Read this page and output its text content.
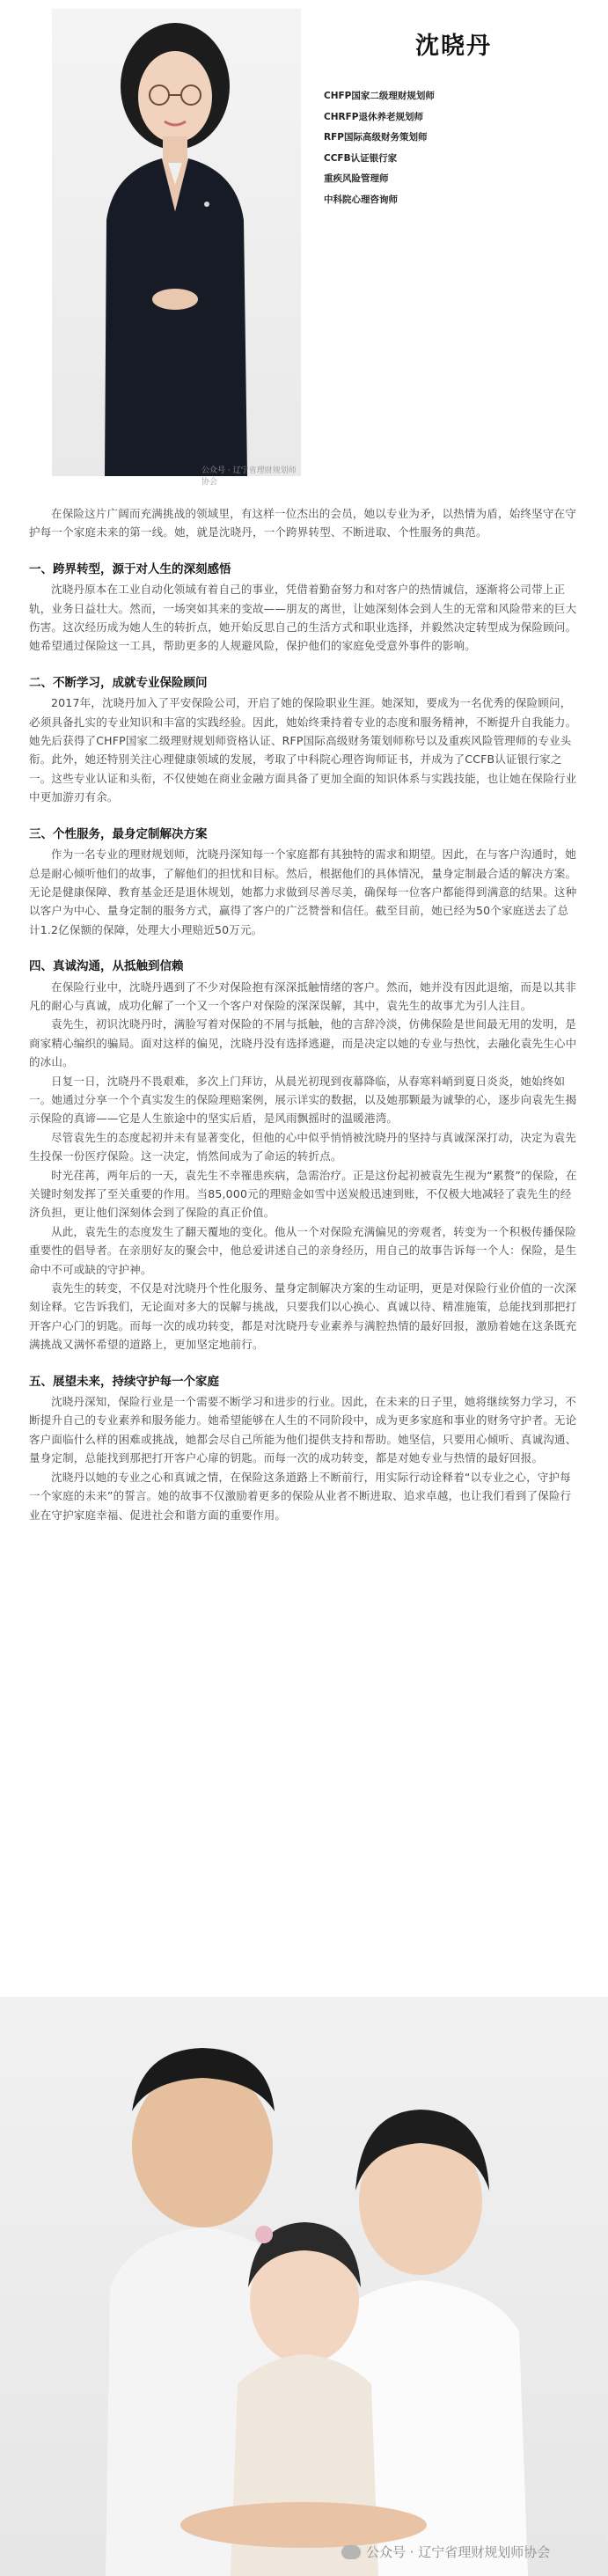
公众号 · 辽宁省理财规划师协会
沈晓丹
CHFP国家二级理财规划师
CHRFP退休养老规划师
RFP国际高级财务策划师
CCFB认证银行家
重疾风险管理师
中科院心理咨询师

在保险这片广阔而充满挑战的领域里，有这样一位杰出的会员，她以专业为矛，以热情为盾，始终坚守在守护每一个家庭未来的第一线。她，就是沈晓丹，一个跨界转型、不断进取、个性服务的典范。

一、跨界转型，源于对人生的深刻感悟

沈晓丹原本在工业自动化领域有着自己的事业，凭借着勤奋努力和对客户的热情诚信，逐渐将公司带上正轨，业务日益壮大。然而，一场突如其来的变故——朋友的离世，让她深刻体会到人生的无常和风险带来的巨大伤害。这次经历成为她人生的转折点，她开始反思自己的生活方式和职业选择，并毅然决定转型成为保险顾问。她希望通过保险这一工具，帮助更多的人规避风险，保护他们的家庭免受意外事件的影响。

二、不断学习，成就专业保险顾问

2017年，沈晓丹加入了平安保险公司，开启了她的保险职业生涯。她深知，要成为一名优秀的保险顾问，必须具备扎实的专业知识和丰富的实践经验。因此，她始终秉持着专业的态度和服务精神，不断提升自我能力。她先后获得了CHFP国家二级理财规划师资格认证、RFP国际高级财务策划师称号以及重疾风险管理师的专业头衔。此外，她还特别关注心理健康领域的发展，考取了中科院心理咨询师证书，并成为了CCFB认证银行家之一。这些专业认证和头衔，不仅使她在商业金融方面具备了更加全面的知识体系与实践技能，也让她在保险行业中更加游刃有余。

三、个性服务，最身定制解决方案

作为一名专业的理财规划师，沈晓丹深知每一个家庭都有其独特的需求和期望。因此，在与客户沟通时，她总是耐心倾听他们的故事，了解他们的担忧和目标。然后，根据他们的具体情况，量身定制最合适的解决方案。无论是健康保障、教育基金还是退休规划，她都力求做到尽善尽美，确保每一位客户都能得到满意的结果。这种以客户为中心、量身定制的服务方式，赢得了客户的广泛赞誉和信任。截至目前，她已经为50个家庭送去了总计1.2亿保额的保障，处理大小理赔近50万元。

四、真诚沟通，从抵触到信赖

在保险行业中，沈晓丹遇到了不少对保险抱有深深抵触情绪的客户。然而，她并没有因此退缩，而是以其非凡的耐心与真诚，成功化解了一个又一个客户对保险的深深误解，其中，袁先生的故事尤为引人注目。

袁先生，初识沈晓丹时，满脸写着对保险的不屑与抵触，他的言辞冷淡，仿佛保险是世间最无用的发明，是商家精心编织的骗局。面对这样的偏见，沈晓丹没有选择逃避，而是决定以她的专业与热忱，去融化袁先生心中的冰山。

日复一日，沈晓丹不畏艰难，多次上门拜访，从晨光初现到夜幕降临，从春寒料峭到夏日炎炎，她始终如一。她通过分享一个个真实发生的保险理赔案例，展示详实的数据，以及她那颗最为诚挚的心，逐步向袁先生揭示保险的真谛——它是人生旅途中的坚实后盾，是风雨飘摇时的温暖港湾。

尽管袁先生的态度起初并未有显著变化，但他的心中似乎悄悄被沈晓丹的坚持与真诚深深打动，决定为袁先生投保一份医疗保险。这一决定，悄然间成为了命运的转折点。

时光荏苒，两年后的一天，袁先生不幸罹患疾病，急需治疗。正是这份起初被袁先生视为“累赘”的保险，在关键时刻发挥了至关重要的作用。当85,000元的理赔金如雪中送炭般迅速到账，不仅极大地减轻了袁先生的经济负担，更让他们深刻体会到了保险的真正价值。

从此，袁先生的态度发生了翻天覆地的变化。他从一个对保险充满偏见的旁观者，转变为一个积极传播保险重要性的倡导者。在亲朋好友的聚会中，他总爱讲述自己的亲身经历，用自己的故事告诉每一个人：保险，是生命中不可或缺的守护神。

袁先生的转变，不仅是对沈晓丹个性化服务、量身定制解决方案的生动证明，更是对保险行业价值的一次深刻诠释。它告诉我们，无论面对多大的误解与挑战，只要我们以心换心、真诚以待、精准施策，总能找到那把打开客户心门的钥匙。而每一次的成功转变，都是对沈晓丹专业素养与满腔热情的最好回报，激励着她在这条既充满挑战又满怀希望的道路上，更加坚定地前行。

五、展望未来，持续守护每一个家庭

沈晓丹深知，保险行业是一个需要不断学习和进步的行业。因此，在未来的日子里，她将继续努力学习，不断提升自己的专业素养和服务能力。她希望能够在人生的不同阶段中，成为更多家庭和事业的财务守护者。无论客户面临什么样的困难或挑战，她都会尽自己所能为他们提供支持和帮助。她坚信，只要用心倾听、真诚沟通、量身定制，总能找到那把打开客户心扉的钥匙。而每一次的成功转变，都是对她专业与热情的最好回报。

沈晓丹以她的专业之心和真诚之情，在保险这条道路上不断前行，用实际行动诠释着“以专业之心，守护每一个家庭的未来”的誓言。她的故事不仅激励着更多的保险从业者不断进取、追求卓越，也让我们看到了保险行业在守护家庭幸福、促进社会和谐方面的重要作用。

公众号 · 辽宁省理财规划师协会
